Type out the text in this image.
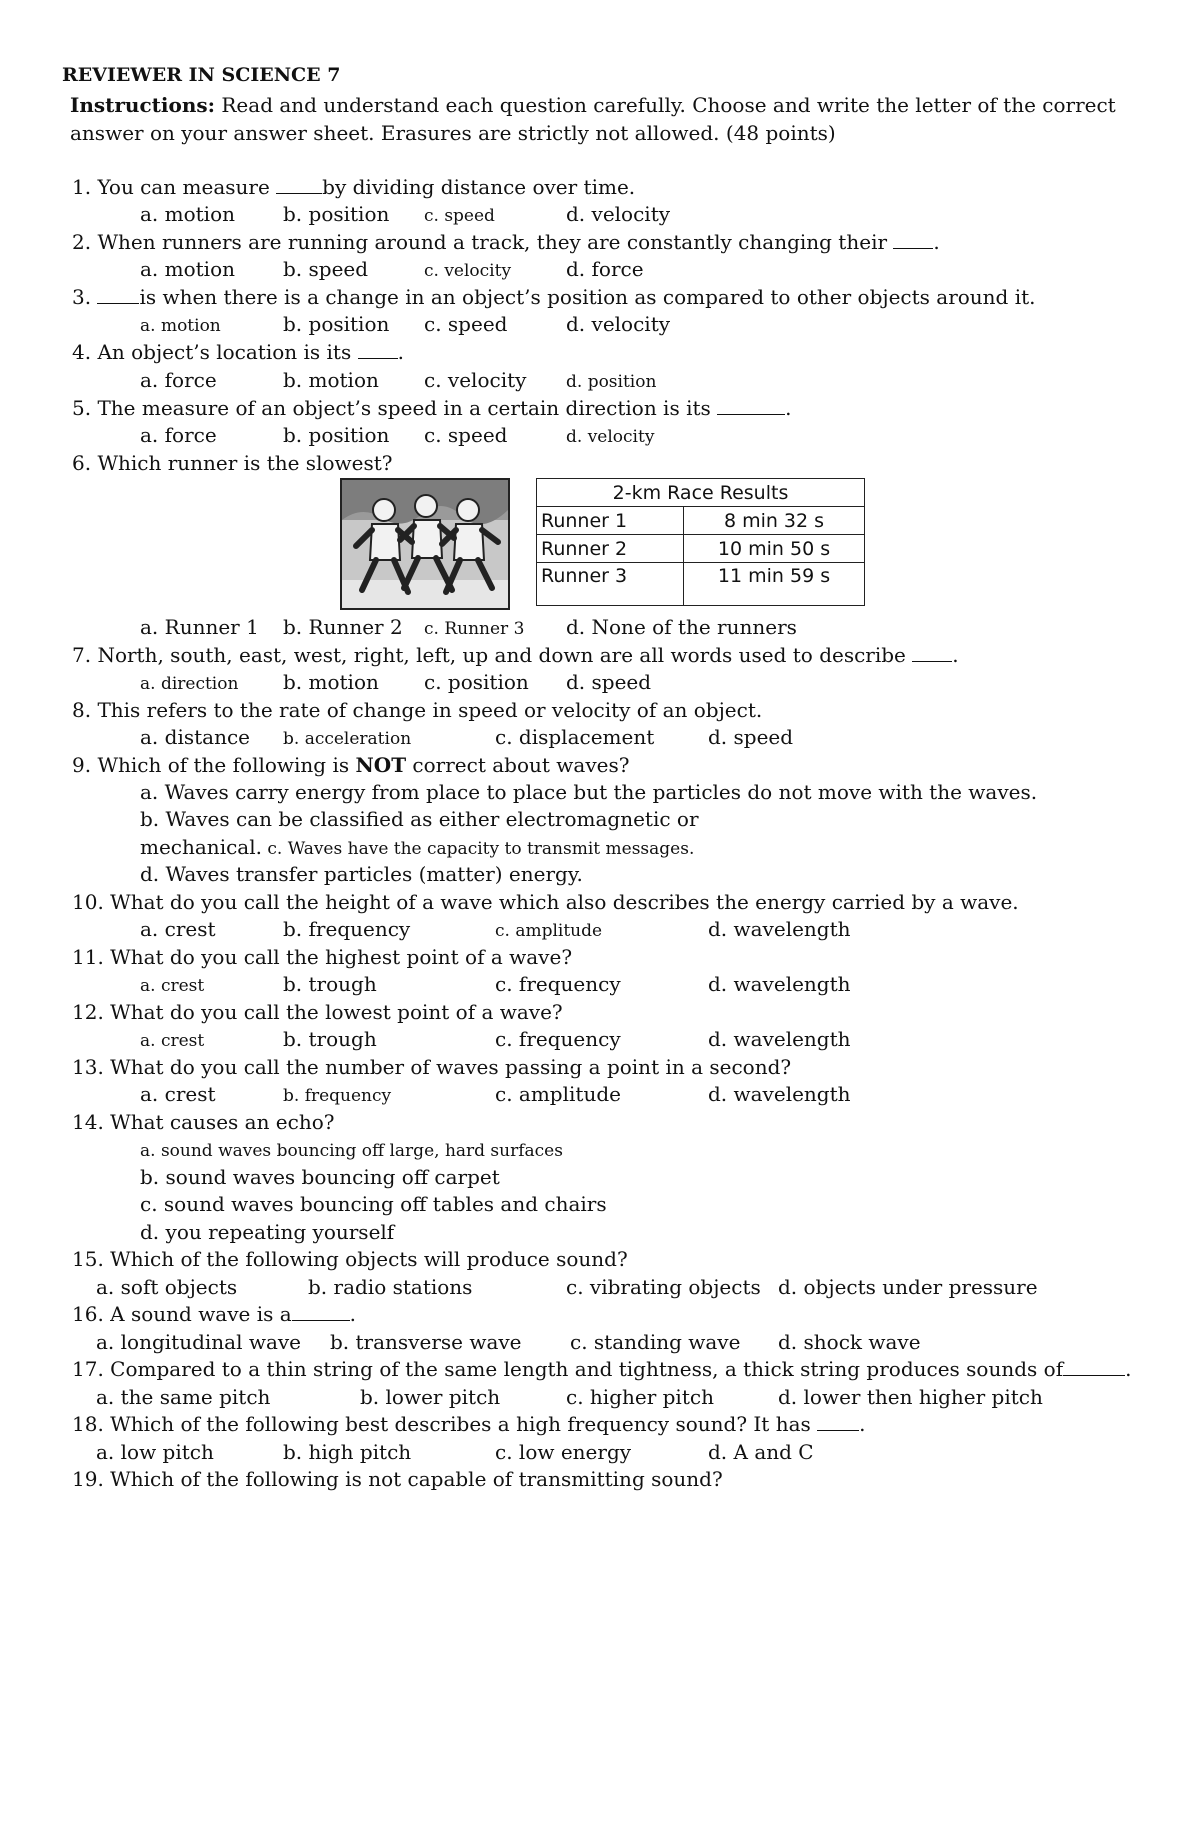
REVIEWER IN SCIENCE 7
Instructions: Read and understand each question carefully. Choose and write the letter of the correct answer on your answer sheet. Erasures are strictly not allowed. (48 points)
1. You can measure by dividing distance over time.
a. motion b. position c. speed	d. velocity
2. When runners are running around a track, they are constantly changing their .
a. motion b. speed	c. velocity	d. force
3. is when there is a change in an object’s position as compared to other objects around it.
a. motion	b. position c. speed	d. velocity
4. An object’s location is its .
a. force	b. motion c. velocity d. position
5. The measure of an object’s speed in a certain direction is its	.
a. force	b. position c. speed	d. velocity
6. Which runner is the slowest?
2-km Race Results	
Runner 1	8 min 32 s
Runner 2	10 min 50 s
Runner 3	11 min 59 s
a. Runner 1 b. Runner 2 c. Runner 3 d. None of the runners
7. North, south, east, west, right, left, up and down are all words used to describe .
a. direction b. motion c. position d. speed
8. This refers to the rate of change in speed or velocity of an object.
a. distance b. acceleration	c. displacement	d. speed
9. Which of the following is NOT correct about waves?
a. Waves carry energy from place to place but the particles do not move with the waves.
b. Waves can be classified as either electromagnetic or
mechanical. c. Waves have the capacity to transmit messages.
d. Waves transfer particles (matter) energy.
10. What do you call the height of a wave which also describes the energy carried by a wave.
a. crest	b. frequency	c. amplitude	d. wavelength
11. What do you call the highest point of a wave?
a. crest	b. trough	c. frequency	d. wavelength
12. What do you call the lowest point of a wave?
a. crest	b. trough	c. frequency	d. wavelength
13. What do you call the number of waves passing a point in a second?
a. crest	b. frequency	c. amplitude	d. wavelength
14. What causes an echo?
a. sound waves bouncing off large, hard surfaces
b. sound waves bouncing off carpet
c. sound waves bouncing off tables and chairs
d. you repeating yourself
15. Which of the following objects will produce sound?
a. soft objects	b. radio stations	c. vibrating objects d. objects under pressure
16. A sound wave is a	.
a. longitudinal wave b. transverse wave c. standing wave d. shock wave
17. Compared to a thin string of the same length and tightness, a thick string produces sounds of	.
a. the same pitch	b. lower pitch	c. higher pitch	d. lower then higher pitch
18. Which of the following best describes a high frequency sound? It has .
a. low pitch	b. high pitch	c. low energy	d. A and C
19. Which of the following is not capable of transmitting sound?
